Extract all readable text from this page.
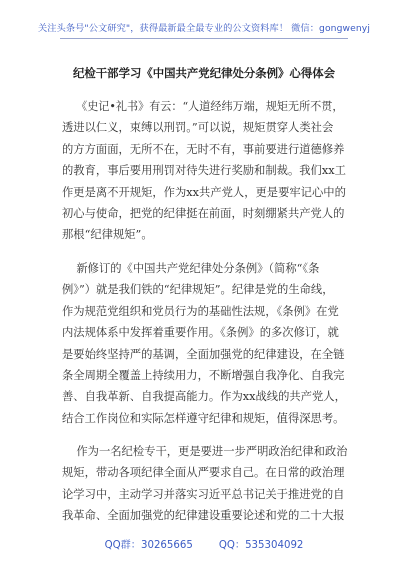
关注头条号"公文研究"，获得最新最全最专业的公文资料库！ 微信：gongwenyj
纪检干部学习《中国共产党纪律处分条例》心得体会
《史记•礼书》有云：“人道经纬万端，规矩无所不贯，
透进以仁义，束缚以刑罚。”可以说，规矩贯穿人类社会
的方方面面，无所不在，无时不有，事前要进行道德修养
的教育，事后要用刑罚对待失进行奖励和制裁。我们xx工
作更是离不开规矩，作为xx共产党人，更是要牢记心中的
初心与使命，把党的纪律挺在前面，时刻绷紧共产党人的
那根“纪律规矩”。
新修订的《中国共产党纪律处分条例》（简称“《条
例》”）就是我们铁的“纪律规矩”。纪律是党的生命线，
作为规范党组织和党员行为的基础性法规，《条例》在党
内法规体系中发挥着重要作用。《条例》的多次修订，就
是要始终坚持严的基调，全面加强党的纪律建设，在全链
条全周期全覆盖上持续用力，不断增强自我净化、自我完
善、自我革新、自我提高能力。作为xx战线的共产党人，
结合工作岗位和实际怎样遵守纪律和规矩，值得深思考。
作为一名纪检专干，更是要进一步严明政治纪律和政治
规矩，带动各项纪律全面从严要求自己。在日常的政治理
论学习中，主动学习并落实习近平总书记关于推进党的自
我革命、全面加强党的纪律建设重要论述和党的二十大报
QQ群：30265665	QQ：535304092
